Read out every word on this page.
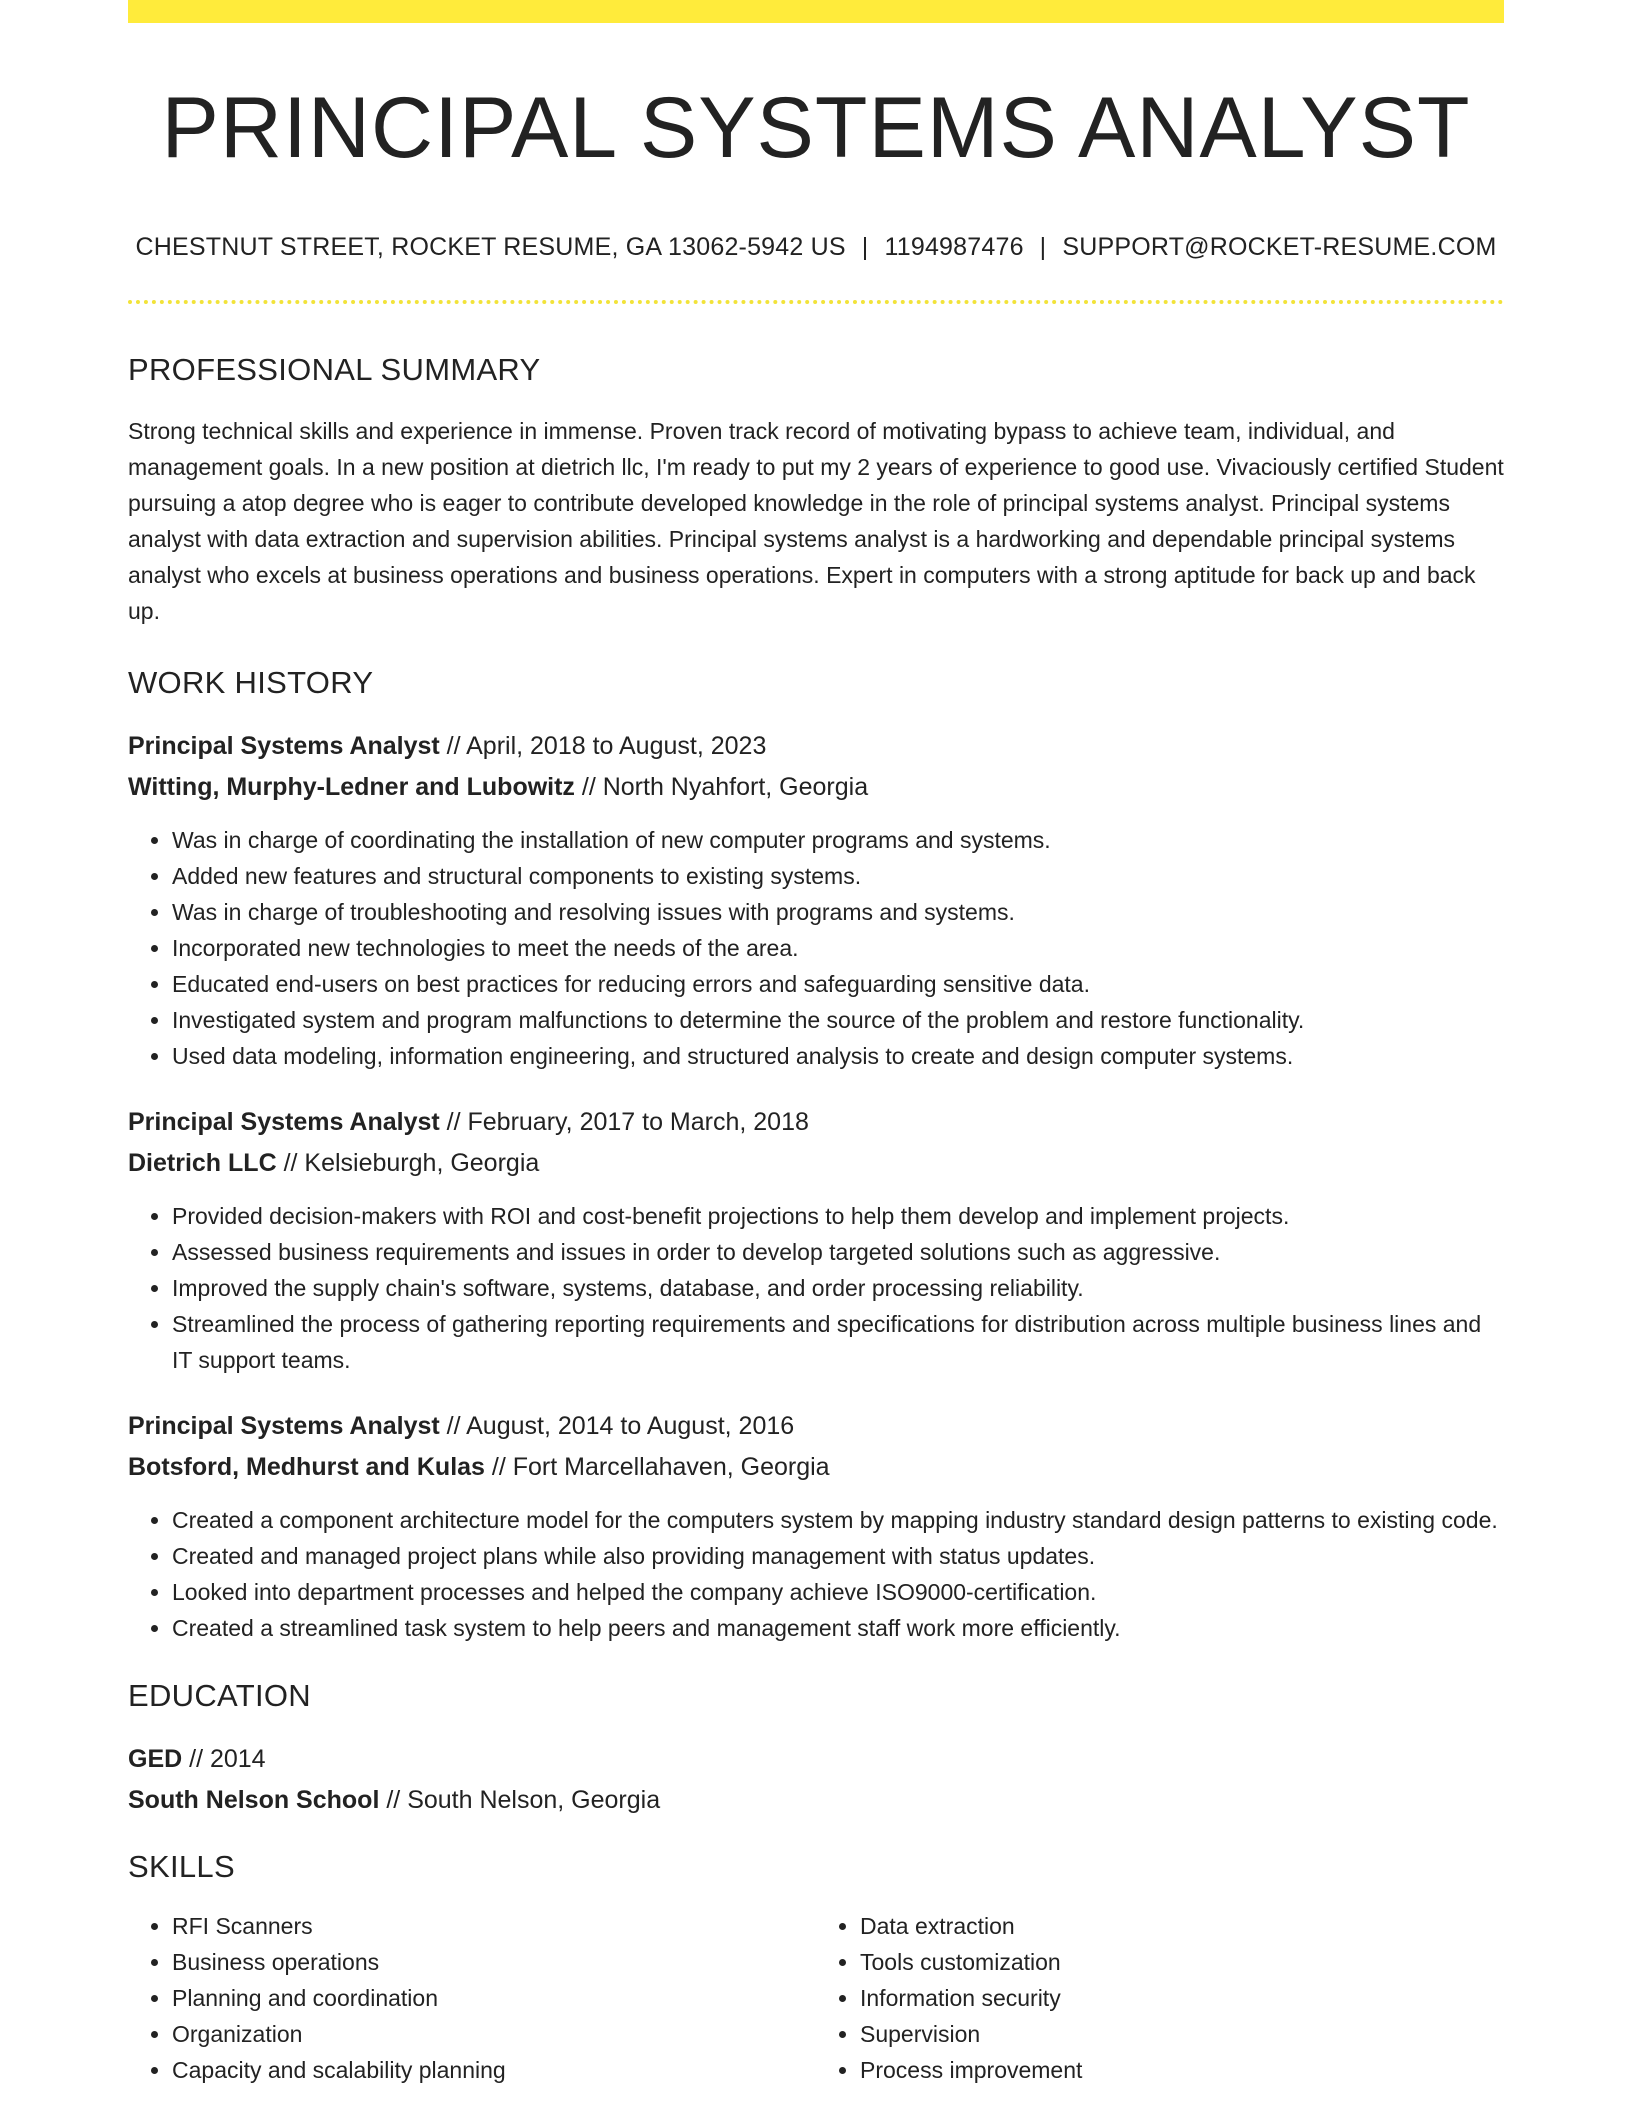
PRINCIPAL SYSTEMS ANALYST
CHESTNUT STREET, ROCKET RESUME, GA 13062-5942 US | 1194987476 | SUPPORT@ROCKET-RESUME.COM
PROFESSIONAL SUMMARY

Strong technical skills and experience in immense. Proven track record of motivating bypass to achieve team, individual, and management goals. In a new position at dietrich llc, I'm ready to put my 2 years of experience to good use. Vivaciously certified Student pursuing a atop degree who is eager to contribute developed knowledge in the role of principal systems analyst. Principal systems analyst with data extraction and supervision abilities. Principal systems analyst is a hardworking and dependable principal systems analyst who excels at business operations and business operations. Expert in computers with a strong aptitude for back up and back up.

WORK HISTORY
Principal Systems Analyst // April, 2018 to August, 2023
Witting, Murphy-Ledner and Lubowitz // North Nyahfort, Georgia
• Was in charge of coordinating the installation of new computer programs and systems.
• Added new features and structural components to existing systems.
• Was in charge of troubleshooting and resolving issues with programs and systems.
• Incorporated new technologies to meet the needs of the area.
• Educated end-users on best practices for reducing errors and safeguarding sensitive data.
• Investigated system and program malfunctions to determine the source of the problem and restore functionality.
• Used data modeling, information engineering, and structured analysis to create and design computer systems.
Principal Systems Analyst // February, 2017 to March, 2018
Dietrich LLC // Kelsieburgh, Georgia
• Provided decision-makers with ROI and cost-benefit projections to help them develop and implement projects.
• Assessed business requirements and issues in order to develop targeted solutions such as aggressive.
• Improved the supply chain's software, systems, database, and order processing reliability.
• Streamlined the process of gathering reporting requirements and specifications for distribution across multiple business lines and IT support teams.
Principal Systems Analyst // August, 2014 to August, 2016
Botsford, Medhurst and Kulas // Fort Marcellahaven, Georgia
• Created a component architecture model for the computers system by mapping industry standard design patterns to existing code.
• Created and managed project plans while also providing management with status updates.
• Looked into department processes and helped the company achieve ISO9000-certification.
• Created a streamlined task system to help peers and management staff work more efficiently.
EDUCATION
GED // 2014
South Nelson School // South Nelson, Georgia
SKILLS
• RFI Scanners
• Business operations
• Planning and coordination
• Organization
• Capacity and scalability planning
• Data extraction
• Tools customization
• Information security
• Supervision
• Process improvement
